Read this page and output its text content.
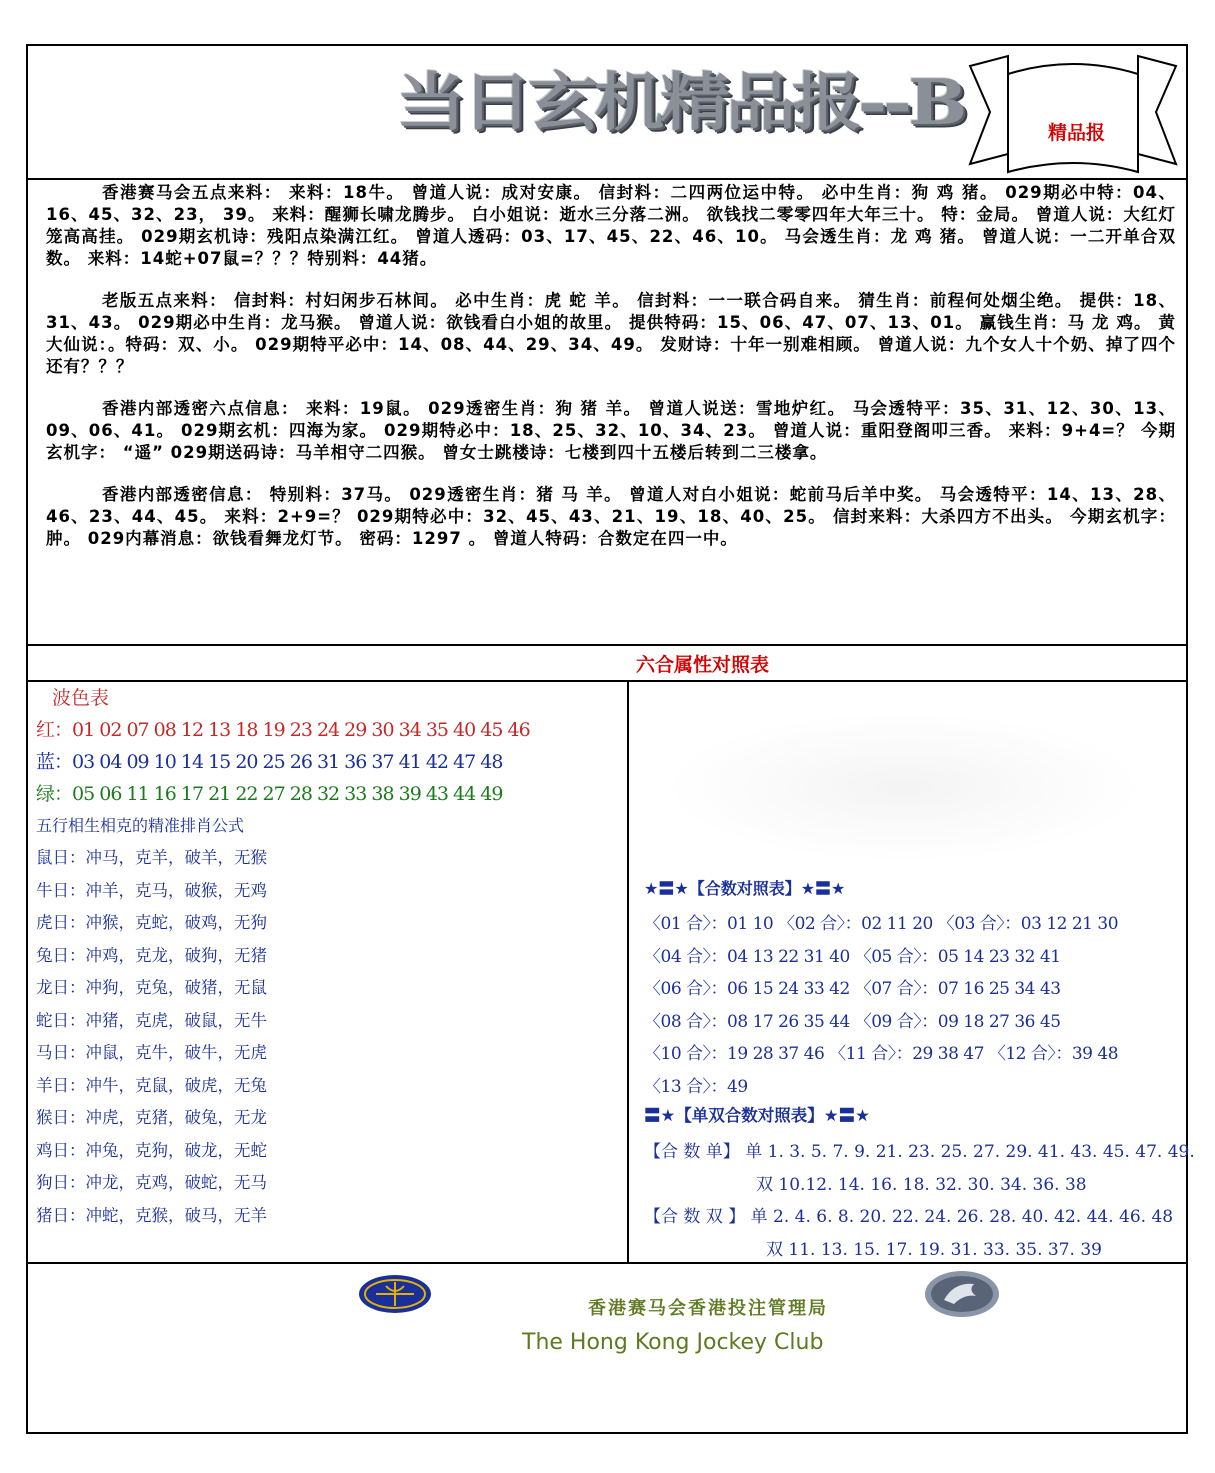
当日玄机精品报--B	精品报

香港赛马会五点来料： 来料：18牛。 曾道人说：成对安康。 信封料：二四两位运中特。 必中生肖：狗 鸡 猪。 029期必中特：04、16、45、32、23， 39。 来料：醒狮长啸龙腾步。 白小姐说：逝水三分落二洲。 欲钱找二零零四年大年三十。 特：金局。 曾道人说：大红灯笼高高挂。 029期玄机诗：残阳点染满江红。 曾道人透码：03、17、45、22、46、10。 马会透生肖：龙 鸡 猪。 曾道人说：一二开单合双数。 来料：14蛇+07鼠=？？？特别料：44猪。

老版五点来料： 信封料：村妇闲步石林间。 必中生肖：虎 蛇 羊。 信封料：一一联合码自来。 猜生肖：前程何处烟尘绝。 提供：18、31、43。 029期必中生肖：龙马猴。 曾道人说：欲钱看白小姐的故里。 提供特码：15、06、47、07、13、01。 赢钱生肖：马 龙 鸡。 黄大仙说：。特码：双、小。 029期特平必中：14、08、44、29、34、49。 发财诗：十年一别难相顾。 曾道人说：九个女人十个奶、掉了四个还有？？？

香港内部透密六点信息： 来料：19鼠。 029透密生肖：狗 猪 羊。 曾道人说送：雪地炉红。 马会透特平：35、31、12、30、13、09、06、41。 029期玄机：四海为家。 029期特必中：18、25、32、10、34、23。 曾道人说：重阳登阁叩三香。 来料：9+4=？ 今期玄机字： “遥” 029期送码诗：马羊相守二四猴。 曾女士跳楼诗：七楼到四十五楼后转到二三楼拿。

香港内部透密信息： 特别料：37马。 029透密生肖：猪 马 羊。 曾道人对白小姐说：蛇前马后羊中奖。 马会透特平：14、13、28、46、23、44、45。 来料：2+9=？ 029期特必中：32、45、43、21、19、18、40、25。 信封来料：大杀四方不出头。 今期玄机字：肿。 029内幕消息：欲钱看舞龙灯节。 密码：1297 。 曾道人特码：合数定在四一中。

六合属性对照表
波色表
红：01 02 07 08 12 13 18 19 23 24 29 30 34 35 40 45 46
蓝：03 04 09 10 14 15 20 25 26 31 36 37 41 42 47 48
绿：05 06 11 16 17 21 22 27 28 32 33 38 39 43 44 49
五行相生相克的精准排肖公式
鼠日：冲马，克羊，破羊，无猴
牛日：冲羊，克马，破猴，无鸡
虎日：冲猴，克蛇，破鸡，无狗
兔日：冲鸡，克龙，破狗，无猪
龙日：冲狗，克兔，破猪，无鼠
蛇日：冲猪，克虎，破鼠，无牛
马日：冲鼠，克牛，破牛，无虎
羊日：冲牛，克鼠，破虎，无兔
猴日：冲虎，克猪，破兔，无龙
鸡日：冲兔，克狗，破龙，无蛇
狗日：冲龙，克鸡，破蛇，无马
猪日：冲蛇，克猴，破马，无羊
★〓★【合数对照表】★〓★
〈01 合〉：01 10 〈02 合〉：02 11 20 〈03 合〉：03 12 21 30
〈04 合〉：04 13 22 31 40 〈05 合〉：05 14 23 32 41
〈06 合〉：06 15 24 33 42 〈07 合〉：07 16 25 34 43
〈08 合〉：08 17 26 35 44 〈09 合〉：09 18 27 36 45
〈10 合〉：19 28 37 46 〈11 合〉：29 38 47 〈12 合〉：39 48
〈13 合〉：49
〓★【单双合数对照表】★〓★
【合 数 单】 单 1. 3. 5. 7. 9. 21. 23. 25. 27. 29. 41. 43. 45. 47. 49.
双 10.12. 14. 16. 18. 32. 30. 34. 36. 38
【合 数 双 】 单 2. 4. 6. 8. 20. 22. 24. 26. 28. 40. 42. 44. 46. 48
双 11. 13. 15. 17. 19. 31. 33. 35. 37. 39
香港赛马会香港投注管理局
The Hong Kong Jockey Club
